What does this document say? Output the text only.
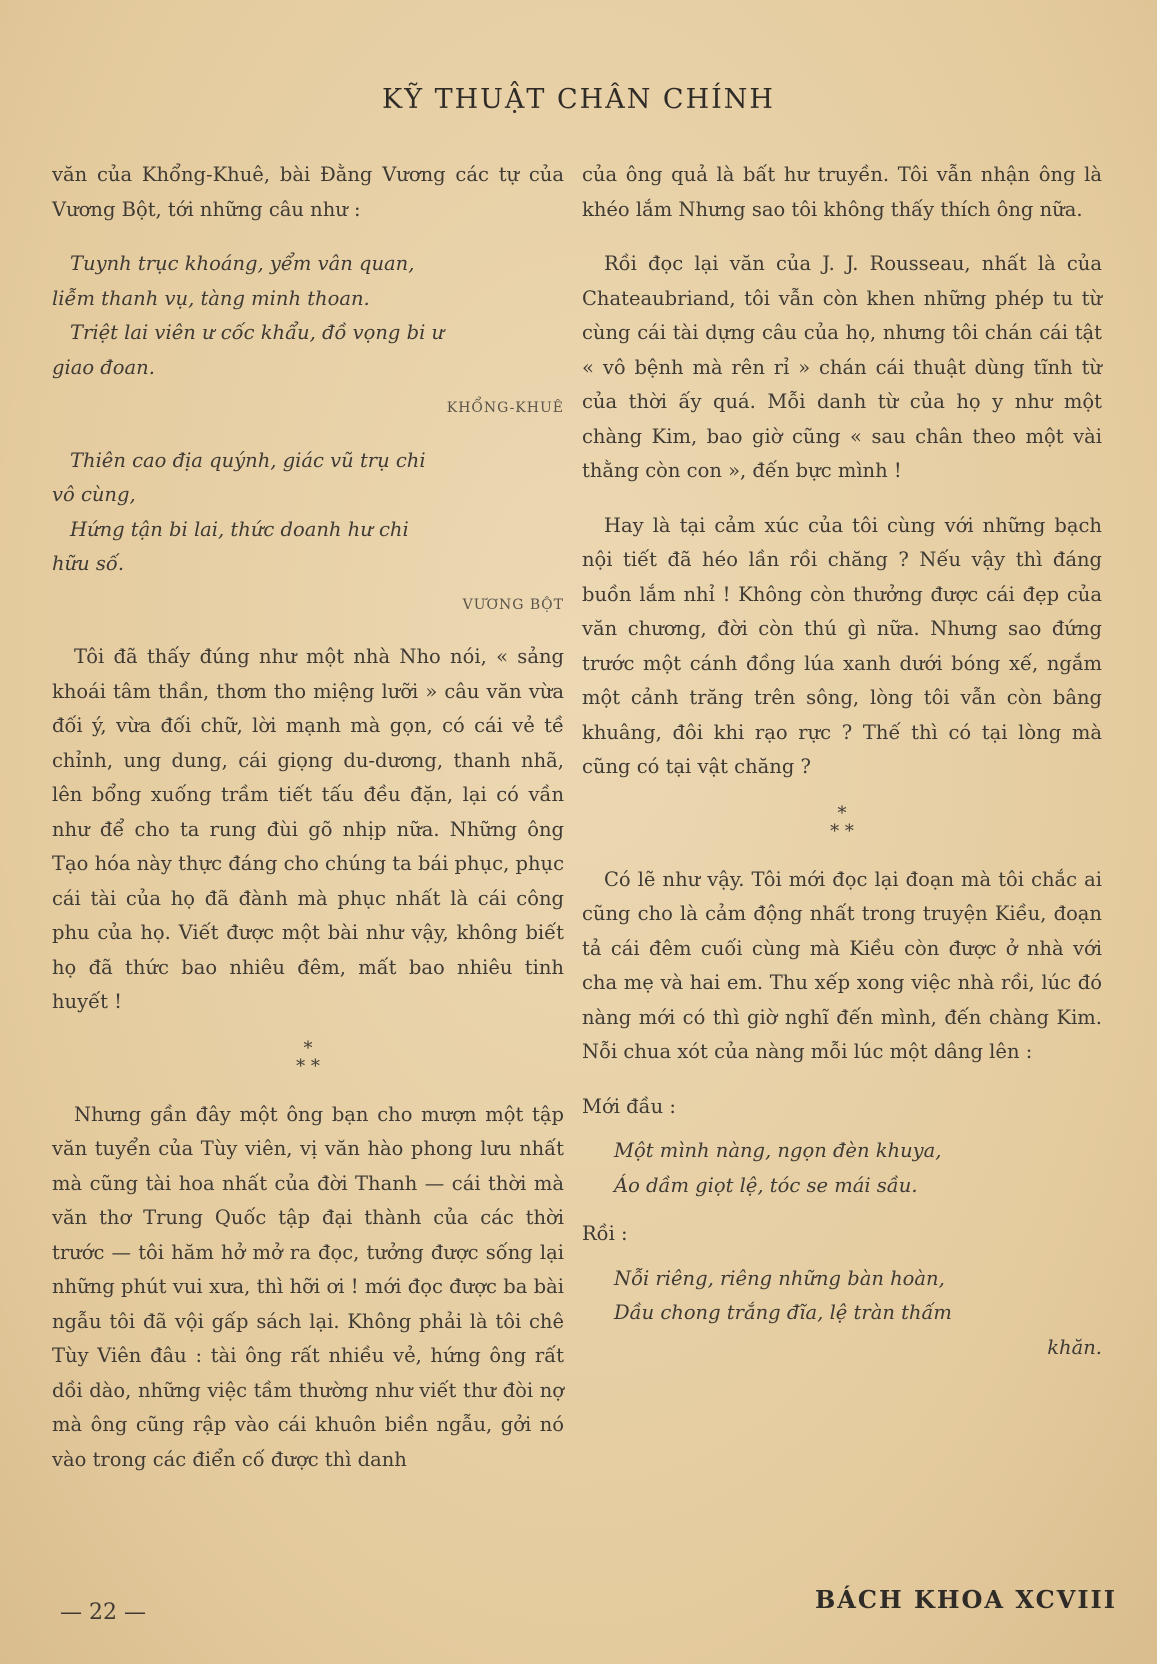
KỸ THUẬT CHÂN CHÍNH

văn của Khổng-Khuê, bài Đằng Vương các tự của Vương Bột, tới những câu như :

Tuynh trục khoáng, yểm vân quan,

liễm thanh vụ, tàng minh thoan.

Triệt lai viên ư cốc khẩu, đồ vọng bi ư

giao đoan.

KHỔNG-KHUÊ

Thiên cao địa quýnh, giác vũ trụ chi

vô cùng,

Hứng tận bi lai, thức doanh hư chi

hữu số.

VƯƠNG BỘT

Tôi đã thấy đúng như một nhà Nho nói, « sảng khoái tâm thần, thơm tho miệng lưỡi » câu văn vừa đối ý, vừa đối chữ, lời mạnh mà gọn, có cái vẻ tề chỉnh, ung dung, cái giọng du-dương, thanh nhã, lên bổng xuống trầm tiết tấu đều đặn, lại có vần như để cho ta rung đùi gõ nhịp nữa. Những ông Tạo hóa này thực đáng cho chúng ta bái phục, phục cái tài của họ đã đành mà phục nhất là cái công phu của họ. Viết được một bài như vậy, không biết họ đã thức bao nhiêu đêm, mất bao nhiêu tinh huyết !

*
* *

Nhưng gần đây một ông bạn cho mượn một tập văn tuyển của Tùy viên, vị văn hào phong lưu nhất mà cũng tài hoa nhất của đời Thanh — cái thời mà văn thơ Trung Quốc tập đại thành của các thời trước — tôi hăm hở mở ra đọc, tưởng được sống lại những phút vui xưa, thì hỡi ơi ! mới đọc được ba bài ngẫu tôi đã vội gấp sách lại. Không phải là tôi chê Tùy Viên đâu : tài ông rất nhiều vẻ, hứng ông rất dồi dào, những việc tầm thường như viết thư đòi nợ mà ông cũng rập vào cái khuôn biền ngẫu, gởi nó vào trong các điển cố được thì danh

của ông quả là bất hư truyền. Tôi vẫn nhận ông là khéo lắm Nhưng sao tôi không thấy thích ông nữa.

Rồi đọc lại văn của J. J. Rousseau, nhất là của Chateaubriand, tôi vẫn còn khen những phép tu từ cùng cái tài dựng câu của họ, nhưng tôi chán cái tật « vô bệnh mà rên rỉ » chán cái thuật dùng tĩnh từ của thời ấy quá. Mỗi danh từ của họ y như một chàng Kim, bao giờ cũng « sau chân theo một vài thằng còn con », đến bực mình !

Hay là tại cảm xúc của tôi cùng với những bạch nội tiết đã héo lần rồi chăng ? Nếu vậy thì đáng buồn lắm nhỉ ! Không còn thưởng được cái đẹp của văn chương, đời còn thú gì nữa. Nhưng sao đứng trước một cánh đồng lúa xanh dưới bóng xế, ngắm một cảnh trăng trên sông, lòng tôi vẫn còn bâng khuâng, đôi khi rạo rực ? Thế thì có tại lòng mà cũng có tại vật chăng ?

*
* *

Có lẽ như vậy. Tôi mới đọc lại đoạn mà tôi chắc ai cũng cho là cảm động nhất trong truyện Kiều, đoạn tả cái đêm cuối cùng mà Kiều còn được ở nhà với cha mẹ và hai em. Thu xếp xong việc nhà rồi, lúc đó nàng mới có thì giờ nghĩ đến mình, đến chàng Kim. Nỗi chua xót của nàng mỗi lúc một dâng lên :

Mới đầu :

Một mình nàng, ngọn đèn khuya,

Áo dầm giọt lệ, tóc se mái sầu.

Rồi :

Nỗi riêng, riêng những bàn hoàn,

Dầu chong trắng đĩa, lệ tràn thấm

khăn.

— 22 —	BÁCH KHOA XCVIII
